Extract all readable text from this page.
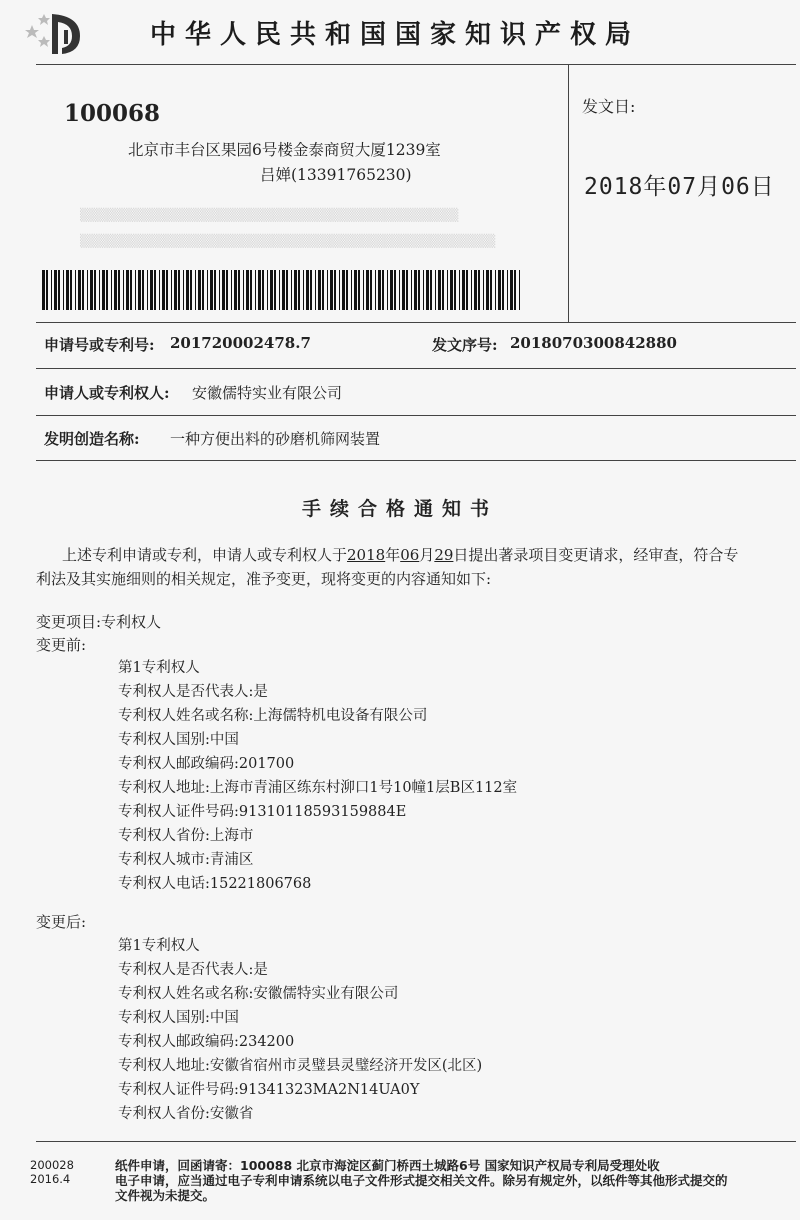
中华人民共和国国家知识产权局
▒▒▒▒▒▒▒▒▒▒▒▒▒▒▒▒▒▒▒▒▒▒▒▒▒▒▒▒▒▒▒▒▒▒▒▒▒▒▒▒▒
▒▒▒▒▒▒▒▒▒▒▒▒▒▒▒▒▒▒▒▒▒▒▒▒▒▒▒▒▒▒▒▒▒▒▒▒▒▒▒▒▒▒▒▒▒
100068
北京市丰台区果园6号楼金泰商贸大厦1239室
吕婵(13391765230)
发文日:
2018年07月06日
申请号或专利号: 201720002478.7	发文序号: 2018070300842880
申请人或专利权人: 安徽儒特实业有限公司
发明创造名称: 一种方便出料的砂磨机筛网装置
手续合格通知书
上述专利申请或专利，申请人或专利权人于2018年06月29日提出著录项目变更请求，经审查，符合专
利法及其实施细则的相关规定，准予变更，现将变更的内容通知如下:
变更项目:专利权人
变更前:
第1专利权人
专利权人是否代表人:是
专利权人姓名或名称:上海儒特机电设备有限公司
专利权人国别:中国
专利权人邮政编码:201700
专利权人地址:上海市青浦区练东村泖口1号10幢1层B区112室
专利权人证件号码:91310118593159884E
专利权人省份:上海市
专利权人城市:青浦区
专利权人电话:15221806768
变更后:
第1专利权人
专利权人是否代表人:是
专利权人姓名或名称:安徽儒特实业有限公司
专利权人国别:中国
专利权人邮政编码:234200
专利权人地址:安徽省宿州市灵璧县灵璧经济开发区(北区)
专利权人证件号码:91341323MA2N14UA0Y
专利权人省份:安徽省
200028
2016.4
纸件申请，回函请寄：100088 北京市海淀区蓟门桥西土城路6号 国家知识产权局专利局受理处收
电子申请，应当通过电子专利申请系统以电子文件形式提交相关文件。除另有规定外，以纸件等其他形式提交的
文件视为未提交。
